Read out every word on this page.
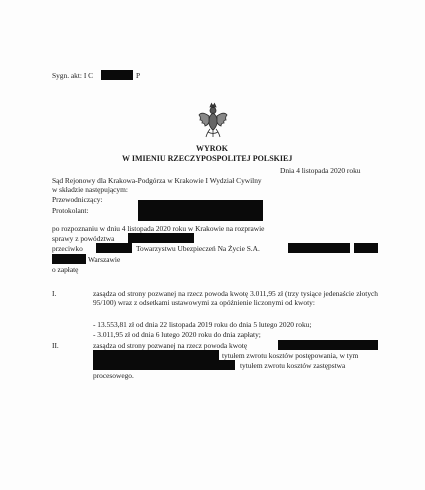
Sygn. akt: I C	P
WYROK
W IMIENIU RZECZYPOSPOLITEJ POLSKIEJ
Dnia 4 listopada 2020 roku
Sąd Rejonowy dla Krakowa-Podgórza w Krakowie I Wydział Cywilny
w składzie następującym:
Przewodniczący:
Protokolant:
po rozpoznaniu w dniu 4 listopada 2020 roku w Krakowie na rozprawie
sprawy z powództwa
przeciwko	Towarzystwu Ubezpieczeń Na Życie S.A.
Warszawie
o zapłatę
I.	zasądza od strony pozwanej na rzecz powoda kwotę 3.011,95 zł (trzy tysiące jedenaście złotych 95/100) wraz z odsetkami ustawowymi za opóźnienie liczonymi od kwoty:
- 13.553,81 zł od dnia 22 listopada 2019 roku do dnia 5 lutego 2020 roku;
- 3.011,95 zł od dnia 6 lutego 2020 roku do dnia zapłaty;
II.	zasądza od strony pozwanej na rzecz powoda kwotę
tytułem zwrotu kosztów postępowania, w tym
tytułem zwrotu kosztów zastępstwa
procesowego.
